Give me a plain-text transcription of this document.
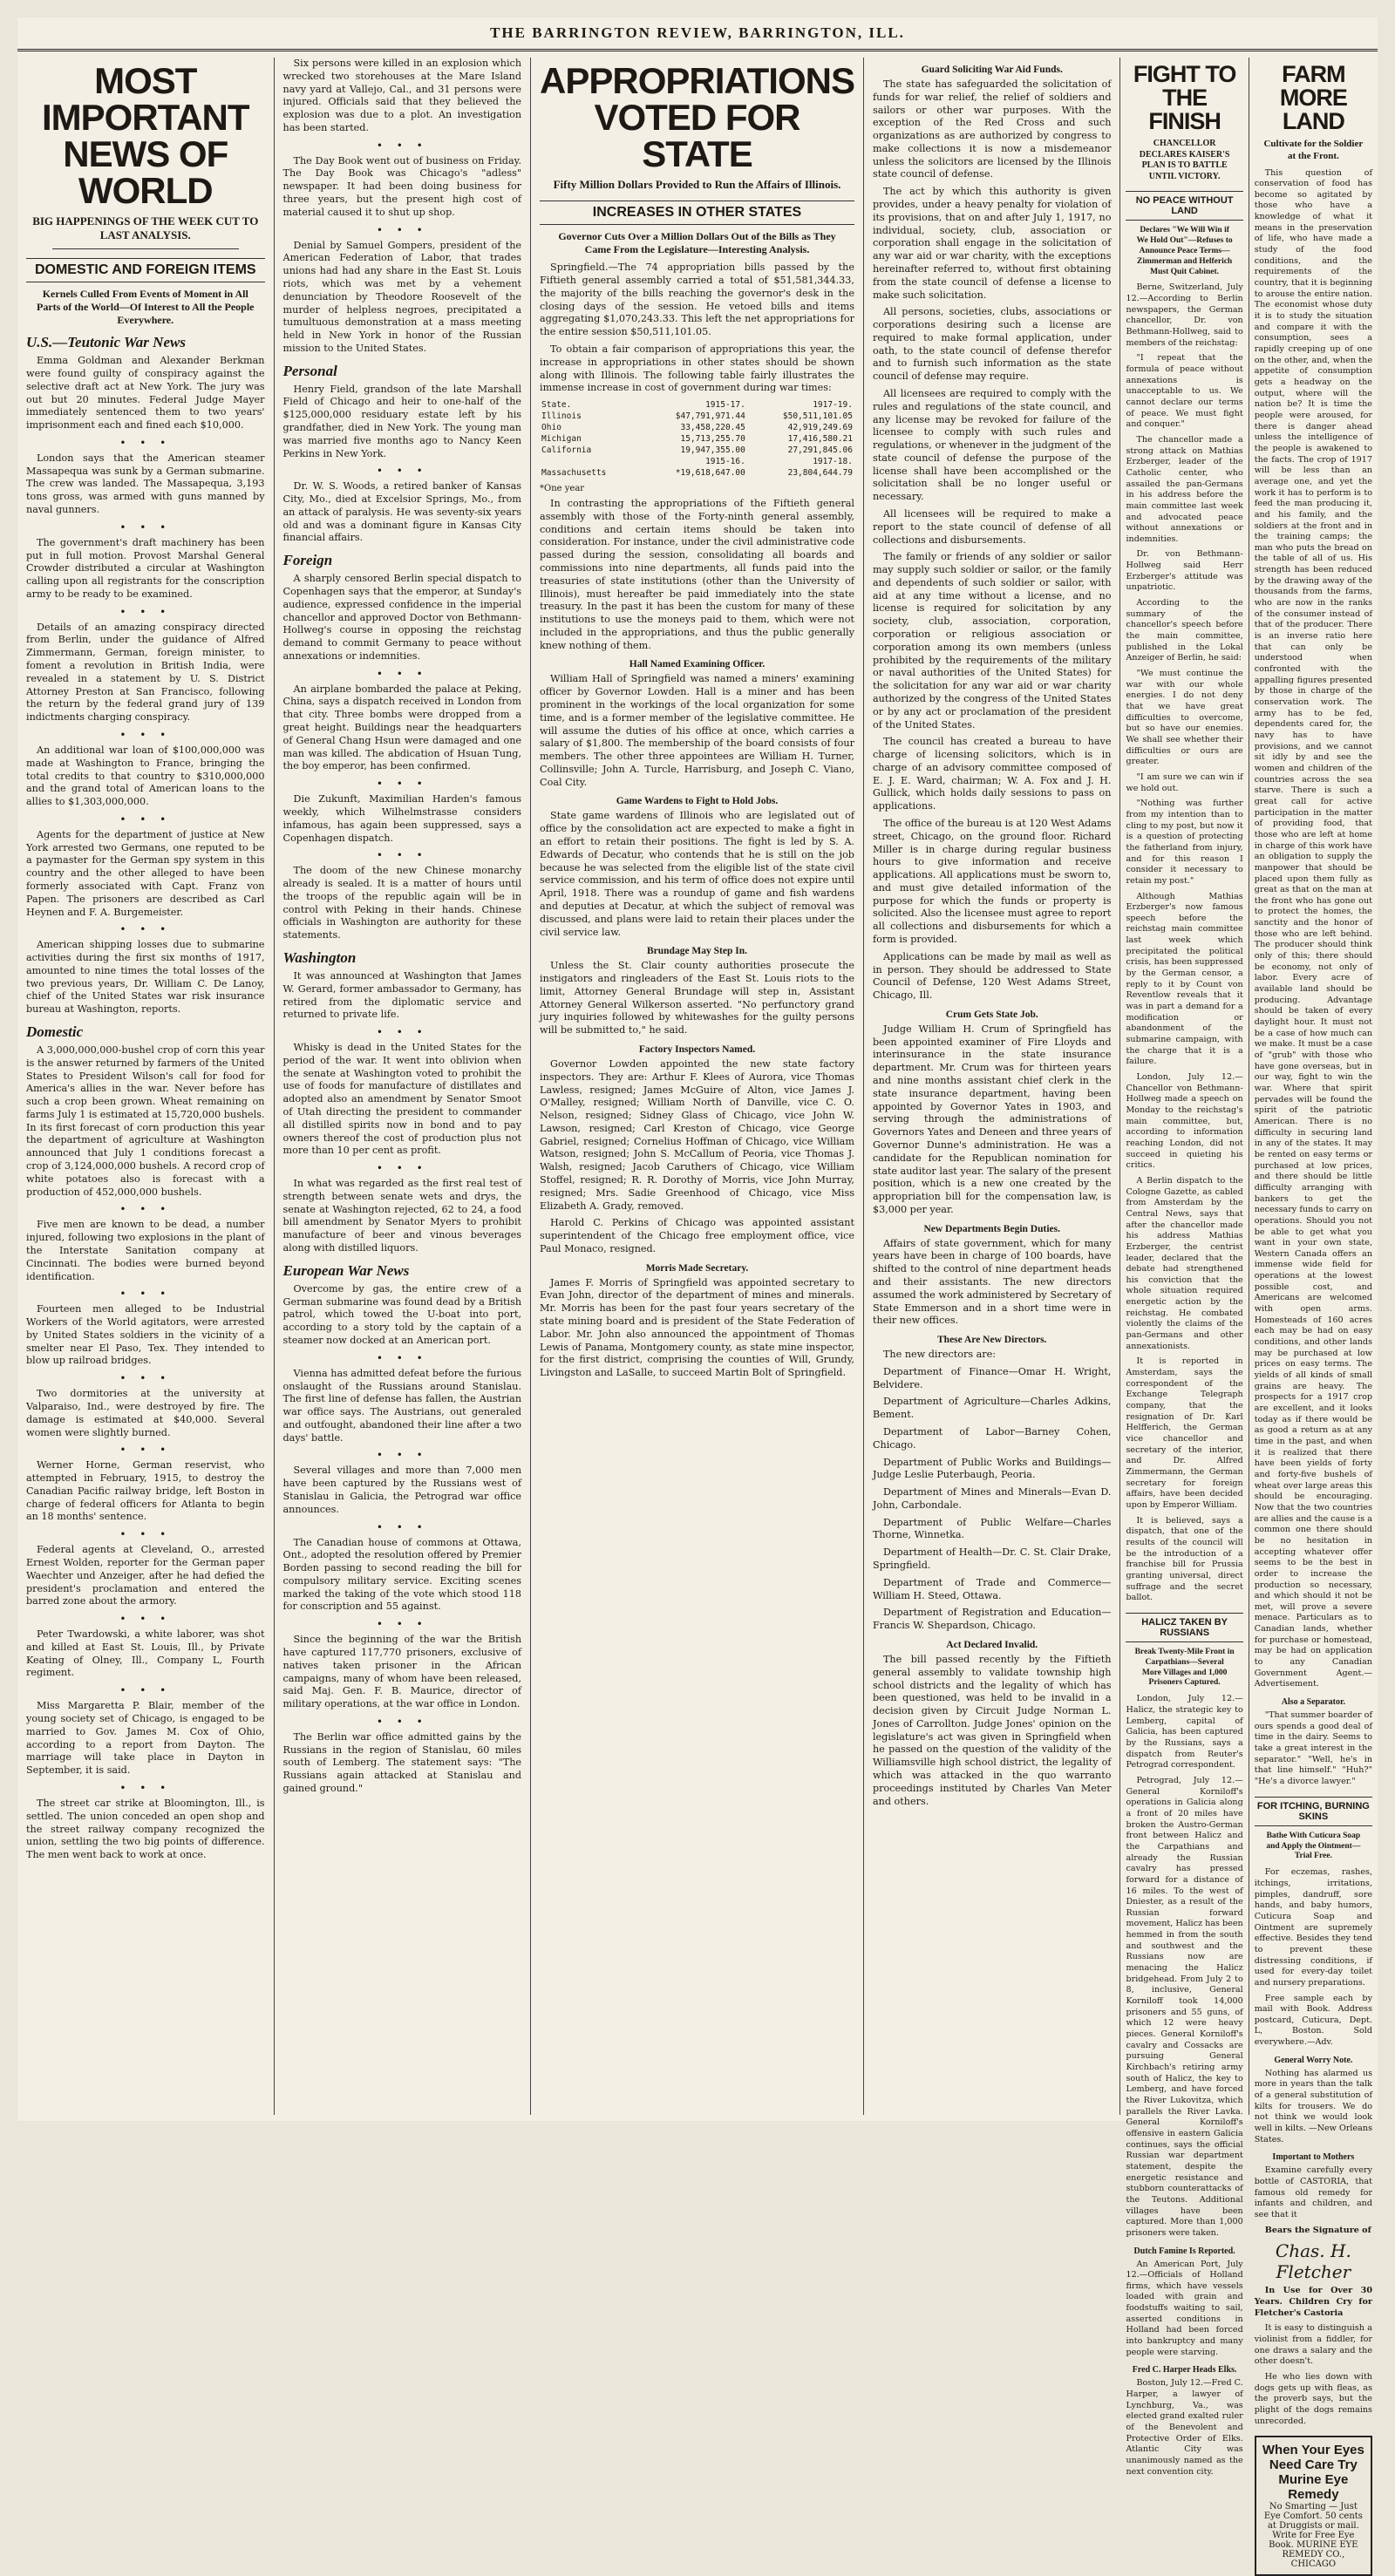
THE BARRINGTON REVIEW, BARRINGTON, ILL.
MOST IMPORTANT NEWS OF WORLD
BIG HAPPENINGS OF THE WEEK CUT TO LAST ANALYSIS.
DOMESTIC AND FOREIGN ITEMS
Kernels Culled From Events of Moment in All Parts of the World—Of Interest to All the People Everywhere.
U.S.—Teutonic War News

Emma Goldman and Alexander Berkman were found guilty of conspiracy against the selective draft act at New York. The jury was out but 20 minutes. Federal Judge Mayer immediately sentenced them to two years' imprisonment each and fined each $10,000.

• • •

London says that the American steamer Massapequa was sunk by a German submarine. The crew was landed. The Massapequa, 3,193 tons gross, was armed with guns manned by naval gunners.

• • •

The government's draft machinery has been put in full motion. Provost Marshal General Crowder distributed a circular at Washington calling upon all registrants for the conscription army to be ready to be examined.

• • •

Details of an amazing conspiracy directed from Berlin, under the guidance of Alfred Zimmermann, German, foreign minister, to foment a revolution in British India, were revealed in a statement by U. S. District Attorney Preston at San Francisco, following the return by the federal grand jury of 139 indictments charging conspiracy.

• • •

An additional war loan of $100,000,000 was made at Washington to France, bringing the total credits to that country to $310,000,000 and the grand total of American loans to the allies to $1,303,000,000.

• • •

Agents for the department of justice at New York arrested two Germans, one reputed to be a paymaster for the German spy system in this country and the other alleged to have been formerly associated with Capt. Franz von Papen. The prisoners are described as Carl Heynen and F. A. Burgemeister.

• • •

American shipping losses due to submarine activities during the first six months of 1917, amounted to nine times the total losses of the two previous years, Dr. William C. De Lanoy, chief of the United States war risk insurance bureau at Washington, reports.

Domestic

A 3,000,000,000-bushel crop of corn this year is the answer returned by farmers of the United States to President Wilson's call for food for America's allies in the war. Never before has such a crop been grown. Wheat remaining on farms July 1 is estimated at 15,720,000 bushels. In its first forecast of corn production this year the department of agriculture at Washington announced that July 1 conditions forecast a crop of 3,124,000,000 bushels. A record crop of white potatoes also is forecast with a production of 452,000,000 bushels.

• • •

Five men are known to be dead, a number injured, following two explosions in the plant of the Interstate Sanitation company at Cincinnati. The bodies were burned beyond identification.

• • •

Fourteen men alleged to be Industrial Workers of the World agitators, were arrested by United States soldiers in the vicinity of a smelter near El Paso, Tex. They intended to blow up railroad bridges.

• • •

Two dormitories at the university at Valparaiso, Ind., were destroyed by fire. The damage is estimated at $40,000. Several women were slightly burned.

• • •

Werner Horne, German reservist, who attempted in February, 1915, to destroy the Canadian Pacific railway bridge, left Boston in charge of federal officers for Atlanta to begin an 18 months' sentence.

• • •

Federal agents at Cleveland, O., arrested Ernest Wolden, reporter for the German paper Waechter und Anzeiger, after he had defied the president's proclamation and entered the barred zone about the armory.

• • •

Peter Twardowski, a white laborer, was shot and killed at East St. Louis, Ill., by Private Keating of Olney, Ill., Company L, Fourth regiment.

• • •

Miss Margaretta P. Blair, member of the young society set of Chicago, is engaged to be married to Gov. James M. Cox of Ohio, according to a report from Dayton. The marriage will take place in Dayton in September, it is said.

• • •

The street car strike at Bloomington, Ill., is settled. The union conceded an open shop and the street railway company recognized the union, settling the two big points of difference. The men went back to work at once.

Six persons were killed in an explosion which wrecked two storehouses at the Mare Island navy yard at Vallejo, Cal., and 31 persons were injured. Officials said that they believed the explosion was due to a plot. An investigation has been started.

• • •

The Day Book went out of business on Friday. The Day Book was Chicago's "adless" newspaper. It had been doing business for three years, but the present high cost of material caused it to shut up shop.

• • •

Denial by Samuel Gompers, president of the American Federation of Labor, that trades unions had had any share in the East St. Louis riots, which was met by a vehement denunciation by Theodore Roosevelt of the murder of helpless negroes, precipitated a tumultuous demonstration at a mass meeting held in New York in honor of the Russian mission to the United States.

Personal

Henry Field, grandson of the late Marshall Field of Chicago and heir to one-half of the $125,000,000 residuary estate left by his grandfather, died in New York. The young man was married five months ago to Nancy Keen Perkins in New York.

• • •

Dr. W. S. Woods, a retired banker of Kansas City, Mo., died at Excelsior Springs, Mo., from an attack of paralysis. He was seventy-six years old and was a dominant figure in Kansas City financial affairs.

Foreign

A sharply censored Berlin special dispatch to Copenhagen says that the emperor, at Sunday's audience, expressed confidence in the imperial chancellor and approved Doctor von Bethmann-Hollweg's course in opposing the reichstag demand to commit Germany to peace without annexations or indemnities.

• • •

An airplane bombarded the palace at Peking, China, says a dispatch received in London from that city. Three bombs were dropped from a great height. Buildings near the headquarters of General Chang Hsun were damaged and one man was killed. The abdication of Hsuan Tung, the boy emperor, has been confirmed.

• • •

Die Zukunft, Maximilian Harden's famous weekly, which Wilhelmstrasse considers infamous, has again been suppressed, says a Copenhagen dispatch.

• • •

The doom of the new Chinese monarchy already is sealed. It is a matter of hours until the troops of the republic again will be in control with Peking in their hands. Chinese officials in Washington are authority for these statements.

Washington

It was announced at Washington that James W. Gerard, former ambassador to Germany, has retired from the diplomatic service and returned to private life.

• • •

Whisky is dead in the United States for the period of the war. It went into oblivion when the senate at Washington voted to prohibit the use of foods for manufacture of distillates and adopted also an amendment by Senator Smoot of Utah directing the president to commander all distilled spirits now in bond and to pay owners thereof the cost of production plus not more than 10 per cent as profit.

• • •

In what was regarded as the first real test of strength between senate wets and drys, the senate at Washington rejected, 62 to 24, a food bill amendment by Senator Myers to prohibit manufacture of beer and vinous beverages along with distilled liquors.

European War News

Overcome by gas, the entire crew of a German submarine was found dead by a British patrol, which towed the U-boat into port, according to a story told by the captain of a steamer now docked at an American port.

• • •

Vienna has admitted defeat before the furious onslaught of the Russians around Stanislau. The first line of defense has fallen, the Austrian war office says. The Austrians, out generaled and outfought, abandoned their line after a two days' battle.

• • •

Several villages and more than 7,000 men have been captured by the Russians west of Stanislau in Galicia, the Petrograd war office announces.

• • •

The Canadian house of commons at Ottawa, Ont., adopted the resolution offered by Premier Borden passing to second reading the bill for compulsory military service. Exciting scenes marked the taking of the vote which stood 118 for conscription and 55 against.

• • •

Since the beginning of the war the British have captured 117,770 prisoners, exclusive of natives taken prisoner in the African campaigns, many of whom have been released, said Maj. Gen. F. B. Maurice, director of military operations, at the war office in London.

• • •

The Berlin war office admitted gains by the Russians in the region of Stanislau, 60 miles south of Lemberg. The statement says: "The Russians again attacked at Stanislau and gained ground."

APPROPRIATIONS VOTED FOR STATE
Fifty Million Dollars Provided to Run the Affairs of Illinois.
INCREASES IN OTHER STATES
Governor Cuts Over a Million Dollars Out of the Bills as They Came From the Legislature—Interesting Analysis.

Springfield.—The 74 appropriation bills passed by the Fiftieth general assembly carried a total of $51,581,344.33, the majority of the bills reaching the governor's desk in the closing days of the session. He vetoed bills and items aggregating $1,070,243.33. This left the net appropriations for the entire session $50,511,101.05.

To obtain a fair comparison of appropriations this year, the increase in appropriations in other states should be shown along with Illinois. The following table fairly illustrates the immense increase in cost of government during war times:

State.	1915-17.	1917-19.
Illinois	$47,791,971.44	$50,511,101.05
Ohio	33,458,220.45	42,919,249.69
Michigan	15,713,255.70	17,416,580.21
California	19,947,355.00	27,291,845.06
	1915-16.	1917-18.
Massachusetts	*19,618,647.00	23,804,644.79
*One year

In contrasting the appropriations of the Fiftieth general assembly with those of the Forty-ninth general assembly, conditions and certain items should be taken into consideration. For instance, under the civil administrative code passed during the session, consolidating all boards and commissions into nine departments, all funds paid into the treasuries of state institutions (other than the University of Illinois), must hereafter be paid immediately into the state treasury. In the past it has been the custom for many of these institutions to use the moneys paid to them, which were not included in the appropriations, and thus the public generally knew nothing of them.

Hall Named Examining Officer.

William Hall of Springfield was named a miners' examining officer by Governor Lowden. Hall is a miner and has been prominent in the workings of the local organization for some time, and is a former member of the legislative committee. He will assume the duties of his office at once, which carries a salary of $1,800. The membership of the board consists of four members. The other three appointees are William H. Turner, Collinsville; John A. Turcle, Harrisburg, and Joseph C. Viano, Coal City.

Game Wardens to Fight to Hold Jobs.

State game wardens of Illinois who are legislated out of office by the consolidation act are expected to make a fight in an effort to retain their positions. The fight is led by S. A. Edwards of Decatur, who contends that he is still on the job because he was selected from the eligible list of the state civil service commission, and his term of office does not expire until April, 1918. There was a roundup of game and fish wardens and deputies at Decatur, at which the subject of removal was discussed, and plans were laid to retain their places under the civil service law.

Brundage May Step In.

Unless the St. Clair county authorities prosecute the instigators and ringleaders of the East St. Louis riots to the limit, Attorney General Brundage will step in, Assistant Attorney General Wilkerson asserted. "No perfunctory grand jury inquiries followed by whitewashes for the guilty persons will be submitted to," he said.

Factory Inspectors Named.

Governor Lowden appointed the new state factory inspectors. They are: Arthur F. Klees of Aurora, vice Thomas Lawless, resigned; James McGuire of Alton, vice James J. O'Malley, resigned; William North of Danville, vice C. O. Nelson, resigned; Sidney Glass of Chicago, vice John W. Lawson, resigned; Carl Kreston of Chicago, vice George Gabriel, resigned; Cornelius Hoffman of Chicago, vice William Watson, resigned; John S. McCallum of Peoria, vice Thomas J. Walsh, resigned; Jacob Caruthers of Chicago, vice William Stoffel, resigned; R. R. Dorothy of Morris, vice John Murray, resigned; Mrs. Sadie Greenhood of Chicago, vice Miss Elizabeth A. Grady, removed.

Harold C. Perkins of Chicago was appointed assistant superintendent of the Chicago free employment office, vice Paul Monaco, resigned.

Morris Made Secretary.

James F. Morris of Springfield was appointed secretary to Evan John, director of the department of mines and minerals. Mr. Morris has been for the past four years secretary of the state mining board and is president of the State Federation of Labor. Mr. John also announced the appointment of Thomas Lewis of Panama, Montgomery county, as state mine inspector, for the first district, comprising the counties of Will, Grundy, Livingston and LaSalle, to succeed Martin Bolt of Springfield.

Guard Soliciting War Aid Funds.

The state has safeguarded the solicitation of funds for war relief, the relief of soldiers and sailors or other war purposes. With the exception of the Red Cross and such organizations as are authorized by congress to make collections it is now a misdemeanor unless the solicitors are licensed by the Illinois state council of defense.

The act by which this authority is given provides, under a heavy penalty for violation of its provisions, that on and after July 1, 1917, no individual, society, club, association or corporation shall engage in the solicitation of any war aid or war charity, with the exceptions hereinafter referred to, without first obtaining from the state council of defense a license to make such solicitation.

All persons, societies, clubs, associations or corporations desiring such a license are required to make formal application, under oath, to the state council of defense therefor and to furnish such information as the state council of defense may require.

All licensees are required to comply with the rules and regulations of the state council, and any license may be revoked for failure of the licensee to comply with such rules and regulations, or whenever in the judgment of the state council of defense the purpose of the license shall have been accomplished or the solicitation shall be no longer useful or necessary.

All licensees will be required to make a report to the state council of defense of all collections and disbursements.

The family or friends of any soldier or sailor may supply such soldier or sailor, or the family and dependents of such soldier or sailor, with aid at any time without a license, and no license is required for solicitation by any society, club, association, corporation, corporation or religious association or corporation among its own members (unless prohibited by the requirements of the military or naval authorities of the United States) for the solicitation for any war aid or war charity authorized by the congress of the United States or by any act or proclamation of the president of the United States.

The council has created a bureau to have charge of licensing solicitors, which is in charge of an advisory committee composed of E. J. E. Ward, chairman; W. A. Fox and J. H. Gullick, which holds daily sessions to pass on applications.

The office of the bureau is at 120 West Adams street, Chicago, on the ground floor. Richard Miller is in charge during regular business hours to give information and receive applications. All applications must be sworn to, and must give detailed information of the purpose for which the funds or property is solicited. Also the licensee must agree to report all collections and disbursements for which a form is provided.

Applications can be made by mail as well as in person. They should be addressed to State Council of Defense, 120 West Adams Street, Chicago, Ill.

Crum Gets State Job.

Judge William H. Crum of Springfield has been appointed examiner of Fire Lloyds and interinsurance in the state insurance department. Mr. Crum was for thirteen years and nine months assistant chief clerk in the state insurance department, having been appointed by Governor Yates in 1903, and serving through the administrations of Governors Yates and Deneen and three years of Governor Dunne's administration. He was a candidate for the Republican nomination for state auditor last year. The salary of the present position, which is a new one created by the appropriation bill for the compensation law, is $3,000 per year.

New Departments Begin Duties.

Affairs of state government, which for many years have been in charge of 100 boards, have shifted to the control of nine department heads and their assistants. The new directors assumed the work administered by Secretary of State Emmerson and in a short time were in their new offices.

These Are New Directors.

The new directors are:

Department of Finance—Omar H. Wright, Belvidere.

Department of Agriculture—Charles Adkins, Bement.

Department of Labor—Barney Cohen, Chicago.

Department of Public Works and Buildings—Judge Leslie Puterbaugh, Peoria.

Department of Mines and Minerals—Evan D. John, Carbondale.

Department of Public Welfare—Charles Thorne, Winnetka.

Department of Health—Dr. C. St. Clair Drake, Springfield.

Department of Trade and Commerce—William H. Steed, Ottawa.

Department of Registration and Education—Francis W. Shepardson, Chicago.

Act Declared Invalid.

The bill passed recently by the Fiftieth general assembly to validate township high school districts and the legality of which has been questioned, was held to be invalid in a decision given by Circuit Judge Norman L. Jones of Carrollton. Judge Jones' opinion on the legislature's act was given in Springfield when he passed on the question of the validity of the Williamsville high school district, the legality of which was attacked in the quo warranto proceedings instituted by Charles Van Meter and others.

FIGHT TO THE FINISH
CHANCELLOR DECLARES KAISER'S PLAN IS TO BATTLE UNTIL VICTORY.
NO PEACE WITHOUT LAND
Declares "We Will Win if We Hold Out"—Refuses to Announce Peace Terms—Zimmerman and Helferich Must Quit Cabinet.

Berne, Switzerland, July 12.—According to Berlin newspapers, the German chancellor, Dr. von Bethmann-Hollweg, said to members of the reichstag:

"I repeat that the formula of peace without annexations is unacceptable to us. We cannot declare our terms of peace. We must fight and conquer."

The chancellor made a strong attack on Mathias Erzberger, leader of the Catholic center, who assailed the pan-Germans in his address before the main committee last week and advocated peace without annexations or indemnities.

Dr. von Bethmann-Hollweg said Herr Erzberger's attitude was unpatriotic.

According to the summary of the chancellor's speech before the main committee, published in the Lokal Anzeiger of Berlin, he said:

"We must continue the war with our whole energies. I do not deny that we have great difficulties to overcome, but so have our enemies. We shall see whether their difficulties or ours are greater.

"I am sure we can win if we hold out.

"Nothing was further from my intention than to cling to my post, but now it is a question of protecting the fatherland from injury, and for this reason I consider it necessary to retain my post."

Although Mathias Erzberger's now famous speech before the reichstag main committee last week which precipitated the political crisis, has been suppressed by the German censor, a reply to it by Count von Reventlow reveals that it was in part a demand for a modification or abandonment of the submarine campaign, with the charge that it is a failure.

London, July 12.—Chancellor von Bethmann-Hollweg made a speech on Monday to the reichstag's main committee, but, according to information reaching London, did not succeed in quieting his critics.

A Berlin dispatch to the Cologne Gazette, as cabled from Amsterdam by the Central News, says that after the chancellor made his address Mathias Erzberger, the centrist leader, declared that the debate had strengthened his conviction that the whole situation required energetic action by the reichstag. He combated violently the claims of the pan-Germans and other annexationists.

It is reported in Amsterdam, says the correspondent of the Exchange Telegraph company, that the resignation of Dr. Karl Helfferich, the German vice chancellor and secretary of the interior, and Dr. Alfred Zimmermann, the German secretary for foreign affairs, have been decided upon by Emperor William.

It is believed, says a dispatch, that one of the results of the council will be the introduction of a franchise bill for Prussia granting universal, direct suffrage and the secret ballot.

HALICZ TAKEN BY RUSSIANS
Break Twenty-Mile Front in Carpathians—Several More Villages and 1,000 Prisoners Captured.

London, July 12.—Halicz, the strategic key to Lemberg, capital of Galicia, has been captured by the Russians, says a dispatch from Reuter's Petrograd correspondent.

Petrograd, July 12.—General Korniloff's operations in Galicia along a front of 20 miles have broken the Austro-German front between Halicz and the Carpathians and already the Russian cavalry has pressed forward for a distance of 16 miles. To the west of Dniester, as a result of the Russian forward movement, Halicz has been hemmed in from the south and southwest and the Russians now are menacing the Halicz bridgehead. From July 2 to 8, inclusive, General Korniloff took 14,000 prisoners and 55 guns, of which 12 were heavy pieces. General Korniloff's cavalry and Cossacks are pursuing General Kirchbach's retiring army south of Halicz, the key to Lemberg, and have forced the River Lukovitza, which parallels the River Lavka. General Korniloff's offensive in eastern Galicia continues, says the official Russian war department statement, despite the energetic resistance and stubborn counterattacks of the Teutons. Additional villages have been captured. More than 1,000 prisoners were taken.

Dutch Famine Is Reported.

An American Port, July 12.—Officials of Holland firms, which have vessels loaded with grain and foodstuffs waiting to sail, asserted conditions in Holland had been forced into bankruptcy and many people were starving.

Fred C. Harper Heads Elks.

Boston, July 12.—Fred C. Harper, a lawyer of Lynchburg, Va., was elected grand exalted ruler of the Benevolent and Protective Order of Elks. Atlantic City was unanimously named as the next convention city.

FARM MORE LAND
Cultivate for the Soldier at the Front.

This question of conservation of food has become so agitated by those who have a knowledge of what it means in the preservation of life, who have made a study of the food conditions, and the requirements of the country, that it is beginning to arouse the entire nation. The economist whose duty it is to study the situation and compare it with the consumption, sees a rapidly creeping up of one on the other, and, when the appetite of consumption gets a headway on the output, where will the nation be? It is time the people were aroused, for there is danger ahead unless the intelligence of the people is awakened to the facts. The crop of 1917 will be less than an average one, and yet the work it has to perform is to feed the man producing it, and his family, and the soldiers at the front and in the training camps; the man who puts the bread on the table of all of us. His strength has been reduced by the drawing away of the thousands from the farms, who are now in the ranks of the consumer instead of that of the producer. There is an inverse ratio here that can only be understood when confronted with the appalling figures presented by those in charge of the conservation work. The army has to be fed, dependents cared for, the navy has to have provisions, and we cannot sit idly by and see the women and children of the countries across the sea starve. There is such a great call for active participation in the matter of providing food, that those who are left at home in charge of this work have an obligation to supply the manpower that should be placed upon them fully as great as that on the man at the front who has gone out to protect the homes, the sanctity and the honor of those who are left behind. The producer should think only of this; there should be economy, not only of labor. Every acre of available land should be producing. Advantage should be taken of every daylight hour. It must not be a case of how much can we make. It must be a case of "grub" with those who have gone overseas, but in our way, fight to win the war. Where that spirit pervades will be found the spirit of the patriotic American. There is no difficulty in securing land in any of the states. It may be rented on easy terms or purchased at low prices, and there should be little difficulty arranging with bankers to get the necessary funds to carry on operations. Should you not be able to get what you want in your own state, Western Canada offers an immense wide field for operations at the lowest possible cost, and Americans are welcomed with open arms. Homesteads of 160 acres each may be had on easy conditions, and other lands may be purchased at low prices on easy terms. The yields of all kinds of small grains are heavy. The prospects for a 1917 crop are excellent, and it looks today as if there would be as good a return as at any time in the past, and when it is realized that there have been yields of forty and forty-five bushels of wheat over large areas this should be encouraging. Now that the two countries are allies and the cause is a common one there should be no hesitation in accepting whatever offer seems to be the best in order to increase the production so necessary, and which should it not be met, will prove a severe menace. Particulars as to Canadian lands, whether for purchase or homestead, may be had on application to any Canadian Government Agent.—Advertisement.

Also a Separator.

"That summer boarder of ours spends a good deal of time in the dairy. Seems to take a great interest in the separator." "Well, he's in that line himself." "Huh?" "He's a divorce lawyer."

FOR ITCHING, BURNING SKINS
Bathe With Cuticura Soap and Apply the Ointment—Trial Free.

For eczemas, rashes, itchings, irritations, pimples, dandruff, sore hands, and baby humors, Cuticura Soap and Ointment are supremely effective. Besides they tend to prevent these distressing conditions, if used for every-day toilet and nursery preparations.

Free sample each by mail with Book. Address postcard, Cuticura, Dept. L, Boston. Sold everywhere.—Adv.

General Worry Note.

Nothing has alarmed us more in years than the talk of a general substitution of kilts for trousers. We do not think we would look well in kilts. —New Orleans States.

Important to Mothers

Examine carefully every bottle of CASTORIA, that famous old remedy for infants and children, and see that it

Bears the Signature of

Chas. H. Fletcher

In Use for Over 30 Years. Children Cry for Fletcher's Castoria

It is easy to distinguish a violinist from a fiddler, for one draws a salary and the other doesn't.

He who lies down with dogs gets up with fleas, as the proverb says, but the plight of the dogs remains unrecorded.

When Your Eyes Need Care Try Murine Eye Remedy
No Smarting — Just Eye Comfort. 50 cents at Druggists or mail. Write for Free Eye Book. MURINE EYE REMEDY CO., CHICAGO
